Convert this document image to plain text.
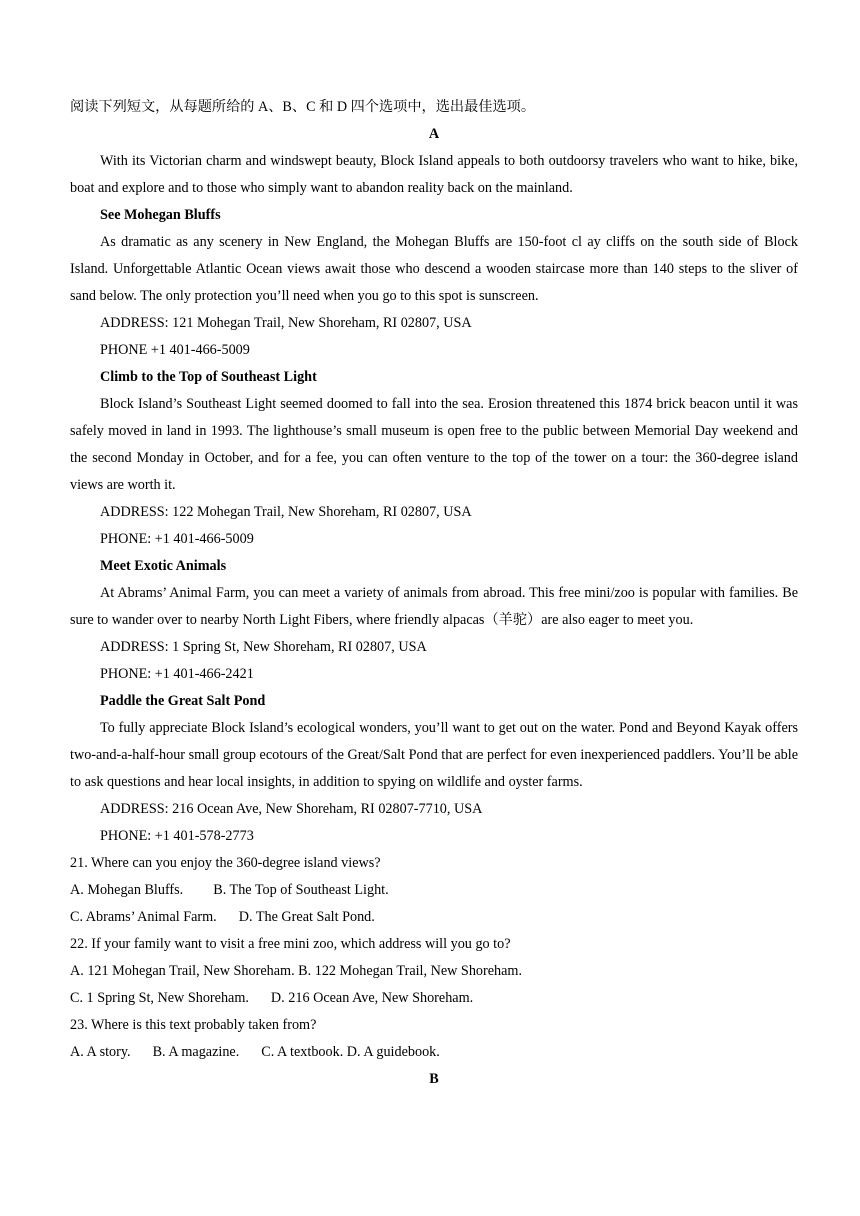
阅读下列短文，从每题所给的 A、B、C 和 D 四个选项中，选出最佳选项。
A
With its Victorian charm and windswept beauty, Block Island appeals to both outdoorsy travelers who want to hike, bike, boat and explore and to those who simply want to abandon reality back on the mainland.
See Mohegan Bluffs
As dramatic as any scenery in New England, the Mohegan Bluffs are 150-foot cl ay cliffs on the south side of Block Island. Unforgettable Atlantic Ocean views await those who descend a wooden staircase more than 140 steps to the sliver of sand below. The only protection you’ll need when you go to this spot is sunscreen.
ADDRESS: 121 Mohegan Trail, New Shoreham, RI 02807, USA
PHONE +1 401-466-5009
Climb to the Top of Southeast Light
Block Island’s Southeast Light seemed doomed to fall into the sea. Erosion threatened this 1874 brick beacon until it was safely moved in land in 1993. The lighthouse’s small museum is open free to the public between Memorial Day weekend and the second Monday in October, and for a fee, you can often venture to the top of the tower on a tour: the 360-degree island views are worth it.
ADDRESS: 122 Mohegan Trail, New Shoreham, RI 02807, USA
PHONE: +1 401-466-5009
Meet Exotic Animals
At Abrams’ Animal Farm, you can meet a variety of animals from abroad. This free mini/zoo is popular with families. Be sure to wander over to nearby North Light Fibers, where friendly alpacas（羊驼）are also eager to meet you.
ADDRESS: 1 Spring St, New Shoreham, RI 02807, USA
PHONE: +1 401-466-2421
Paddle the Great Salt Pond
To fully appreciate Block Island’s ecological wonders, you’ll want to get out on the water. Pond and Beyond Kayak offers two-and-a-half-hour small group ecotours of the Great/Salt Pond that are perfect for even inexperienced paddlers. You’ll be able to ask questions and hear local insights, in addition to spying on wildlife and oyster farms.
ADDRESS: 216 Ocean Ave, New Shoreham, RI 02807-7710, USA
PHONE: +1 401-578-2773
21. Where can you enjoy the 360-degree island views?
A. Mohegan Bluffs. B. The Top of Southeast Light.
C. Abrams’ Animal Farm. D. The Great Salt Pond.
22. If your family want to visit a free mini zoo, which address will you go to?
A. 121 Mohegan Trail, New Shoreham. B. 122 Mohegan Trail, New Shoreham.
C. 1 Spring St, New Shoreham. D. 216 Ocean Ave, New Shoreham.
23. Where is this text probably taken from?
A. A story. B. A magazine. C. A textbook. D. A guidebook.
B
